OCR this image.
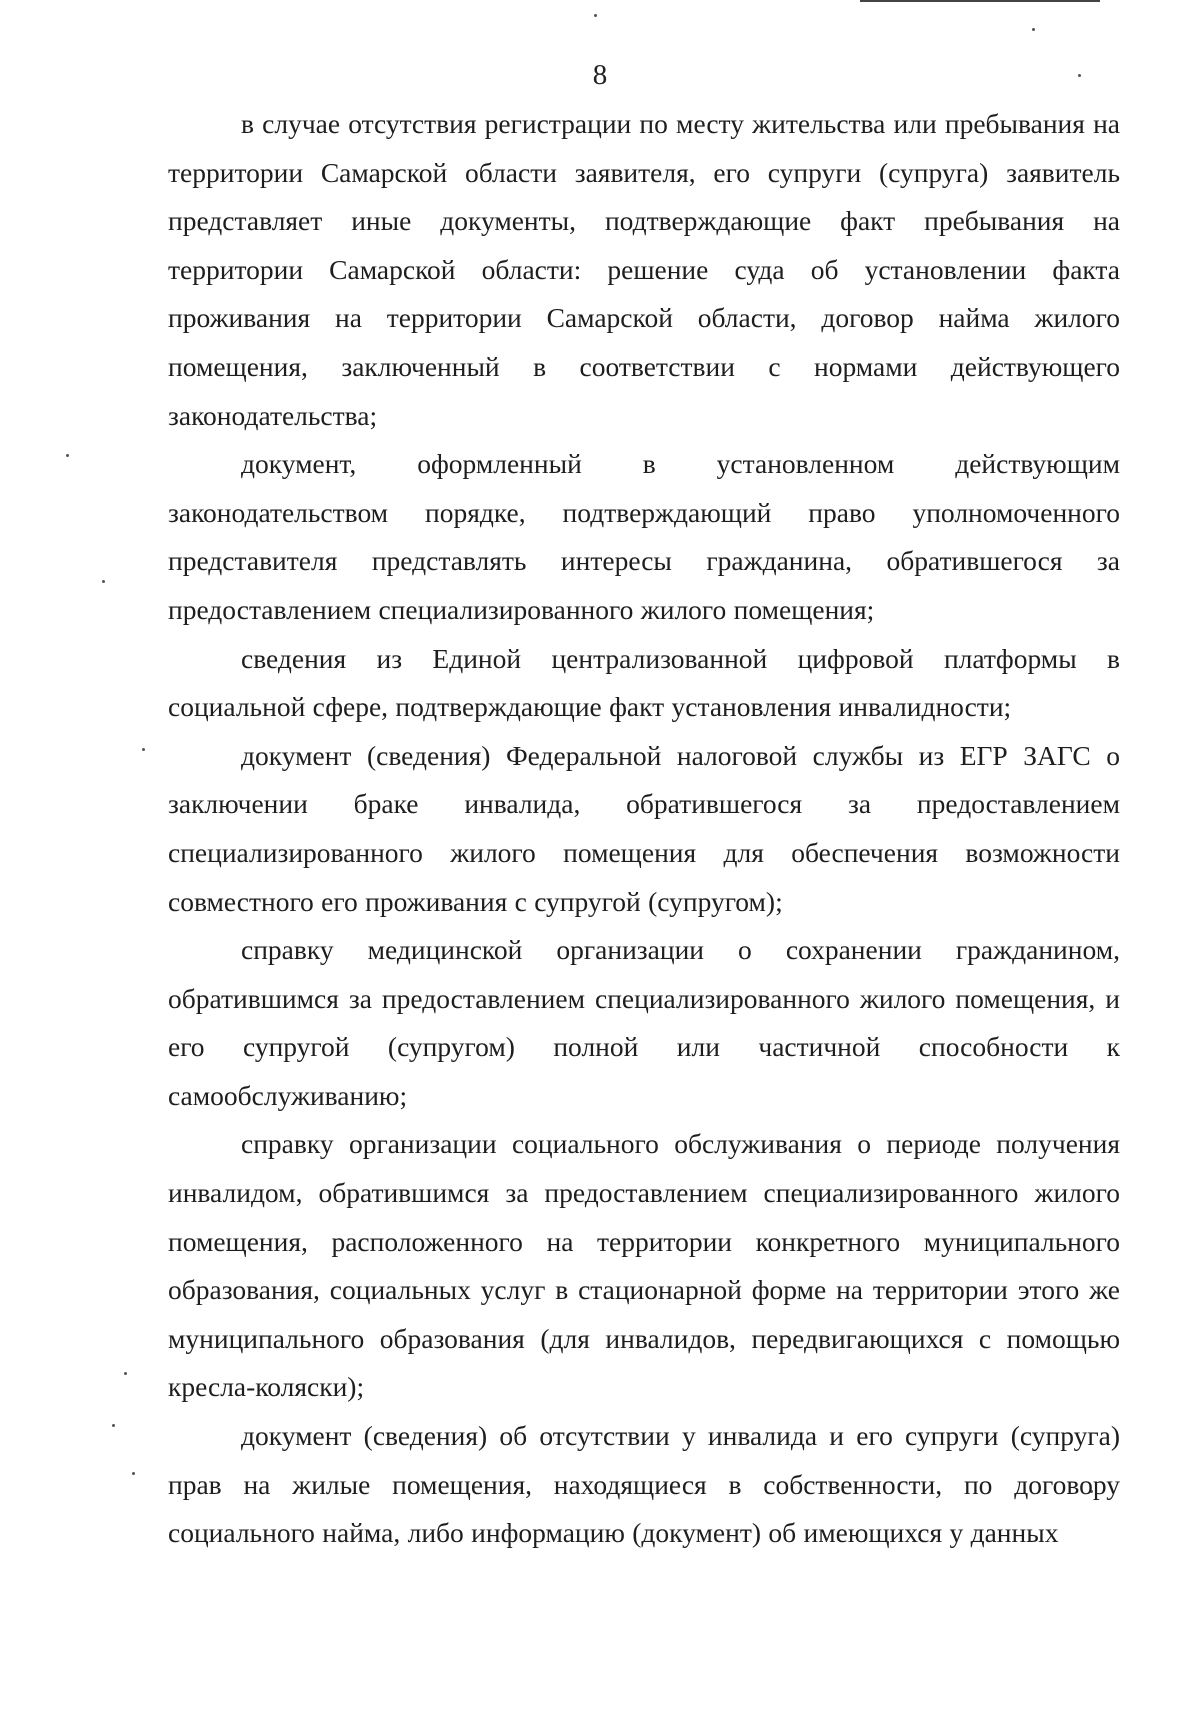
8

в случае отсутствия регистрации по месту жительства или пребывания на территории Самарской области заявителя, его супруги (супруга) заявитель представляет иные документы, подтверждающие факт пребывания на территории Самарской области: решение суда об установлении факта проживания на территории Самарской области, договор найма жилого помещения, заключенный в соответствии с нормами действующего законодательства;

документ, оформленный в установленном действующим законодательством порядке, подтверждающий право уполномоченного представителя представлять интересы гражданина, обратившегося за предоставлением специализированного жилого помещения;

сведения из Единой централизованной цифровой платформы в социальной сфере, подтверждающие факт установления инвалидности;

документ (сведения) Федеральной налоговой службы из ЕГР ЗАГС о заключении браке инвалида, обратившегося за предоставлением специализированного жилого помещения для обеспечения возможности совместного его проживания с супругой (супругом);

справку медицинской организации о сохранении гражданином, обратившимся за предоставлением специализированного жилого помещения, и его супругой (супругом) полной или частичной способности к самообслуживанию;

справку организации социального обслуживания о периоде получения инвалидом, обратившимся за предоставлением специализированного жилого помещения, расположенного на территории конкретного муниципального образования, социальных услуг в стационарной форме на территории этого же муниципального образования (для инвалидов, передвигающихся с помощью кресла-коляски);

документ (сведения) об отсутствии у инвалида и его супруги (супруга) прав на жилые помещения, находящиеся в собственности, по договору социального найма, либо информацию (документ) об имеющихся у данных
